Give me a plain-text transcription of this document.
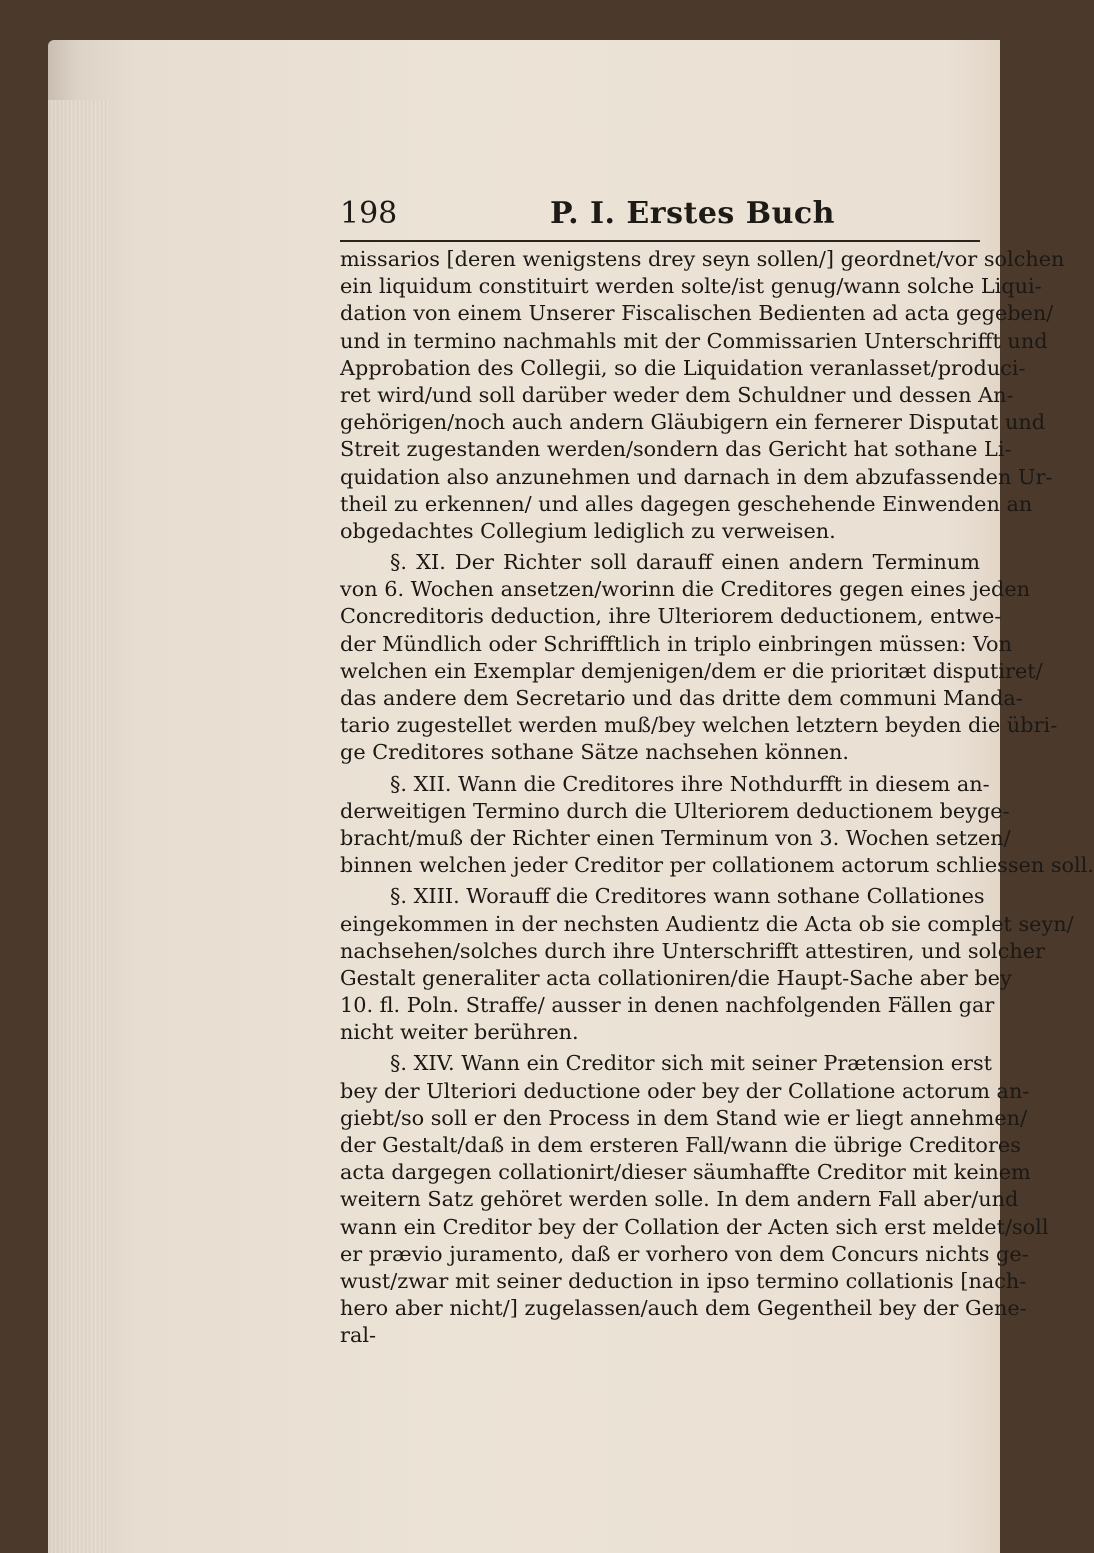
198	P. I. Erstes Buch
missarios [deren wenigstens drey seyn sollen/] geordnet/vor solchen
ein liquidum constituirt werden solte/ist genug/wann solche Liqui-
dation von einem Unserer Fiscalischen Bedienten ad acta gegeben/
und in termino nachmahls mit der Commissarien Unterschrifft und
Approbation des Collegii, so die Liquidation veranlasset/produci-
ret wird/und soll darüber weder dem Schuldner und dessen An-
gehörigen/noch auch andern Gläubigern ein fernerer Disputat und
Streit zugestanden werden/sondern das Gericht hat sothane Li-
quidation also anzunehmen und darnach in dem abzufassenden Ur-
theil zu erkennen/ und alles dagegen geschehende Einwenden an
obgedachtes Collegium lediglich zu verweisen.
§. XI. Der Richter soll darauff einen andern Terminum
von 6. Wochen ansetzen/worinn die Creditores gegen eines jeden
Concreditoris deduction, ihre Ulteriorem deductionem, entwe-
der Mündlich oder Schrifftlich in triplo einbringen müssen: Von
welchen ein Exemplar demjenigen/dem er die prioritæt disputiret/
das andere dem Secretario und das dritte dem communi Manda-
tario zugestellet werden muß/bey welchen letztern beyden die übri-
ge Creditores sothane Sätze nachsehen können.
§. XII. Wann die Creditores ihre Nothdurfft in diesem an-
derweitigen Termino durch die Ulteriorem deductionem beyge-
bracht/muß der Richter einen Terminum von 3. Wochen setzen/
binnen welchen jeder Creditor per collationem actorum schliessen soll.
§. XIII. Worauff die Creditores wann sothane Collationes
eingekommen in der nechsten Audientz die Acta ob sie complet seyn/
nachsehen/solches durch ihre Unterschrifft attestiren, und solcher
Gestalt generaliter acta collationiren/die Haupt-Sache aber bey
10. fl. Poln. Straffe/ ausser in denen nachfolgenden Fällen gar
nicht weiter berühren.
§. XIV. Wann ein Creditor sich mit seiner Prætension erst
bey der Ulteriori deductione oder bey der Collatione actorum an-
giebt/so soll er den Process in dem Stand wie er liegt annehmen/
der Gestalt/daß in dem ersteren Fall/wann die übrige Creditores
acta dargegen collationirt/dieser säumhaffte Creditor mit keinem
weitern Satz gehöret werden solle. In dem andern Fall aber/und
wann ein Creditor bey der Collation der Acten sich erst meldet/soll
er prævio juramento, daß er vorhero von dem Concurs nichts ge-
wust/zwar mit seiner deduction in ipso termino collationis [nach-
hero aber nicht/] zugelassen/auch dem Gegentheil bey der Gene-
ral-
